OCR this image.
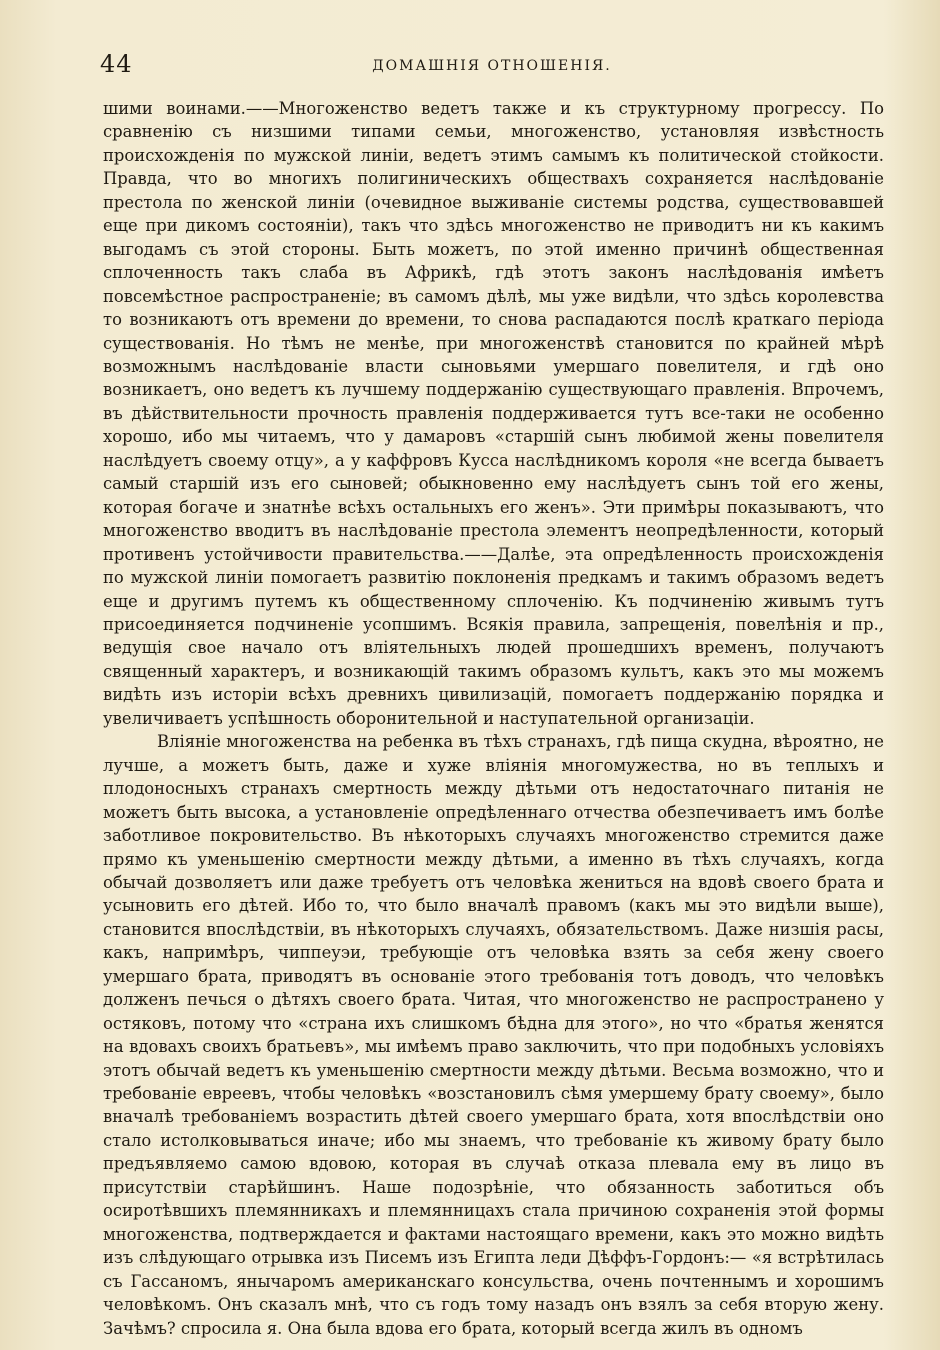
44	ДОМАШНІЯ ОТНОШЕНІЯ.

шими воинами.——Многоженство ведетъ также и къ структурному прогрессу. По сравненію съ низшими типами семьи, многоженство, установляя извѣстность происхожденія по мужской линіи, ведетъ этимъ самымъ къ политической стойкости. Правда, что во многихъ полигиническихъ обществахъ сохраняется наслѣдованіе престола по женской линіи (очевидное выживаніе системы родства, существовавшей еще при дикомъ состояніи), такъ что здѣсь многоженство не приводитъ ни къ какимъ выгодамъ съ этой стороны. Быть можетъ, по этой именно причинѣ общественная сплоченность такъ слаба въ Африкѣ, гдѣ этотъ законъ наслѣдованія имѣетъ повсемѣстное распространеніе; въ самомъ дѣлѣ, мы уже видѣли, что здѣсь королевства то возникаютъ отъ времени до времени, то снова распадаются послѣ краткаго періода существованія. Но тѣмъ не менѣе, при многоженствѣ становится по крайней мѣрѣ возможнымъ наслѣдованіе власти сыновьями умершаго повелителя, и гдѣ оно возникаетъ, оно ведетъ къ лучшему поддержанію существующаго правленія. Впрочемъ, въ дѣйствительности прочность правленія поддерживается тутъ все-таки не особенно хорошо, ибо мы читаемъ, что у дамаровъ «старшій сынъ любимой жены повелителя наслѣдуетъ своему отцу», а у каффровъ Кусса наслѣдникомъ короля «не всегда бываетъ самый старшій изъ его сыновей; обыкновенно ему наслѣдуетъ сынъ той его жены, которая богаче и знатнѣе всѣхъ остальныхъ его женъ». Эти примѣры показываютъ, что многоженство вводитъ въ наслѣдованіе престола элементъ неопредѣленности, который противенъ устойчивости правительства.——Далѣе, эта опредѣленность происхожденія по мужской линіи помогаетъ развитію поклоненія предкамъ и такимъ образомъ ведетъ еще и другимъ путемъ къ общественному сплоченію. Къ подчиненію живымъ тутъ присоединяется подчиненіе усопшимъ. Всякія правила, запрещенія, повелѣнія и пр., ведущія свое начало отъ вліятельныхъ людей прошедшихъ временъ, получаютъ священный характеръ, и возникающій такимъ образомъ культъ, какъ это мы можемъ видѣть изъ исторіи всѣхъ древнихъ цивилизацій, помогаетъ поддержанію порядка и увеличиваетъ успѣшность оборонительной и наступательной организаціи.

Вліяніе многоженства на ребенка въ тѣхъ странахъ, гдѣ пища скудна, вѣроятно, не лучше, а можетъ быть, даже и хуже вліянія многомужества, но въ теплыхъ и плодоносныхъ странахъ смертность между дѣтьми отъ недостаточнаго питанія не можетъ быть высока, а установленіе опредѣленнаго отчества обезпечиваетъ имъ болѣе заботливое покровительство. Въ нѣкоторыхъ случаяхъ многоженство стремится даже прямо къ уменьшенію смертности между дѣтьми, а именно въ тѣхъ случаяхъ, когда обычай дозволяетъ или даже требуетъ отъ человѣка жениться на вдовѣ своего брата и усыновить его дѣтей. Ибо то, что было вначалѣ правомъ (какъ мы это видѣли выше), становится впослѣдствіи, въ нѣкоторыхъ случаяхъ, обязательствомъ. Даже низшія расы, какъ, напримѣръ, чиппеуэи, требующіе отъ человѣка взять за себя жену своего умершаго брата, приводятъ въ основаніе этого требованія тотъ доводъ, что человѣкъ долженъ печься о дѣтяхъ своего брата. Читая, что многоженство не распространено у остяковъ, потому что «страна ихъ слишкомъ бѣдна для этого», но что «братья женятся на вдовахъ своихъ братьевъ», мы имѣемъ право заключить, что при подобныхъ условіяхъ этотъ обычай ведетъ къ уменьшенію смертности между дѣтьми. Весьма возможно, что и требованіе евреевъ, чтобы человѣкъ «возстановилъ сѣмя умершему брату своему», было вначалѣ требованіемъ возрастить дѣтей своего умершаго брата, хотя впослѣдствіи оно стало истолковываться иначе; ибо мы знаемъ, что требованіе къ живому брату было предъявляемо самою вдовою, которая въ случаѣ отказа плевала ему въ лицо въ присутствіи старѣйшинъ. Наше подозрѣніе, что обязанность заботиться объ осиротѣвшихъ племянникахъ и племянницахъ стала причиною сохраненія этой формы многоженства, подтверждается и фактами настоящаго времени, какъ это можно видѣть изъ слѣдующаго отрывка изъ Писемъ изъ Египта леди Дѣффъ-Гордонъ:— «я встрѣтилась съ Гассаномъ, янычаромъ американскаго консульства, очень почтеннымъ и хорошимъ человѣкомъ. Онъ сказалъ мнѣ, что съ годъ тому назадъ онъ взялъ за себя вторую жену. Зачѣмъ? спросила я. Она была вдова его брата, который всегда жилъ въ одномъ
